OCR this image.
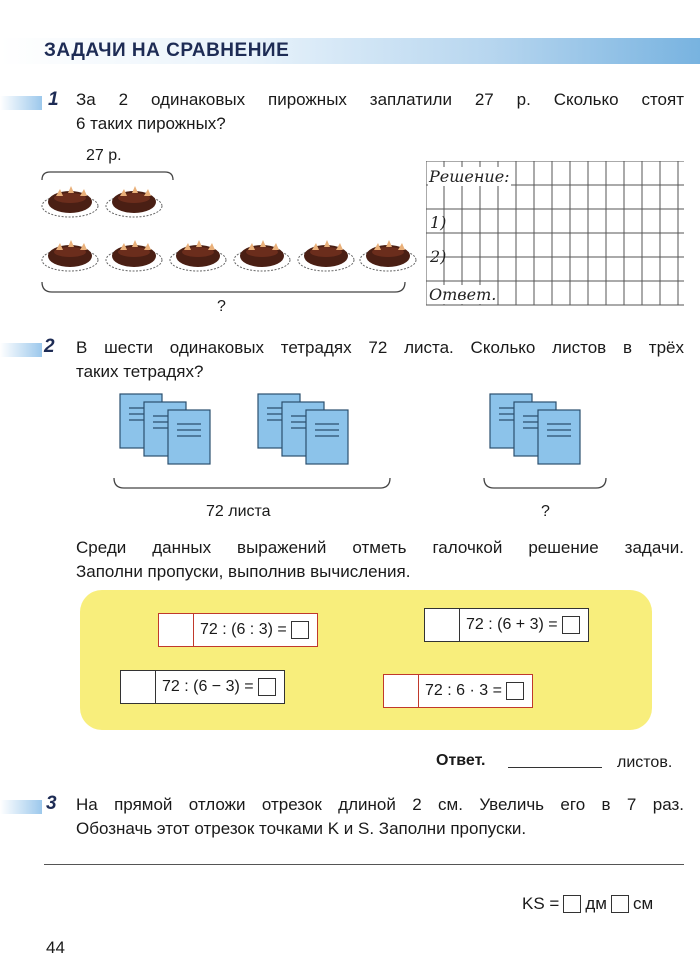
ЗАДАЧИ НА СРАВНЕНИЕ
1 За 2 одинаковых пирожных заплатили 27 р. Сколько стоят
6 таких пирожных?
27 р.
?
Решение:
1)
2)
Ответ.
2 В шести одинаковых тетрадях 72 листа. Сколько листов в трёх
таких тетрадях?
72 листа	?
Среди данных выражений отметь галочкой решение задачи.
Заполни пропуски, выполнив вычисления.
72 : (6 : 3) =	72 : (6 + 3) =
72 : (6 − 3) =	72 : 6 · 3 =
Ответ.	листов.
3 На прямой отложи отрезок длиной 2 см. Увеличь его в 7 раз.
Обозначь этот отрезок точками K и S. Заполни пропуски.
KS = дм см
44
